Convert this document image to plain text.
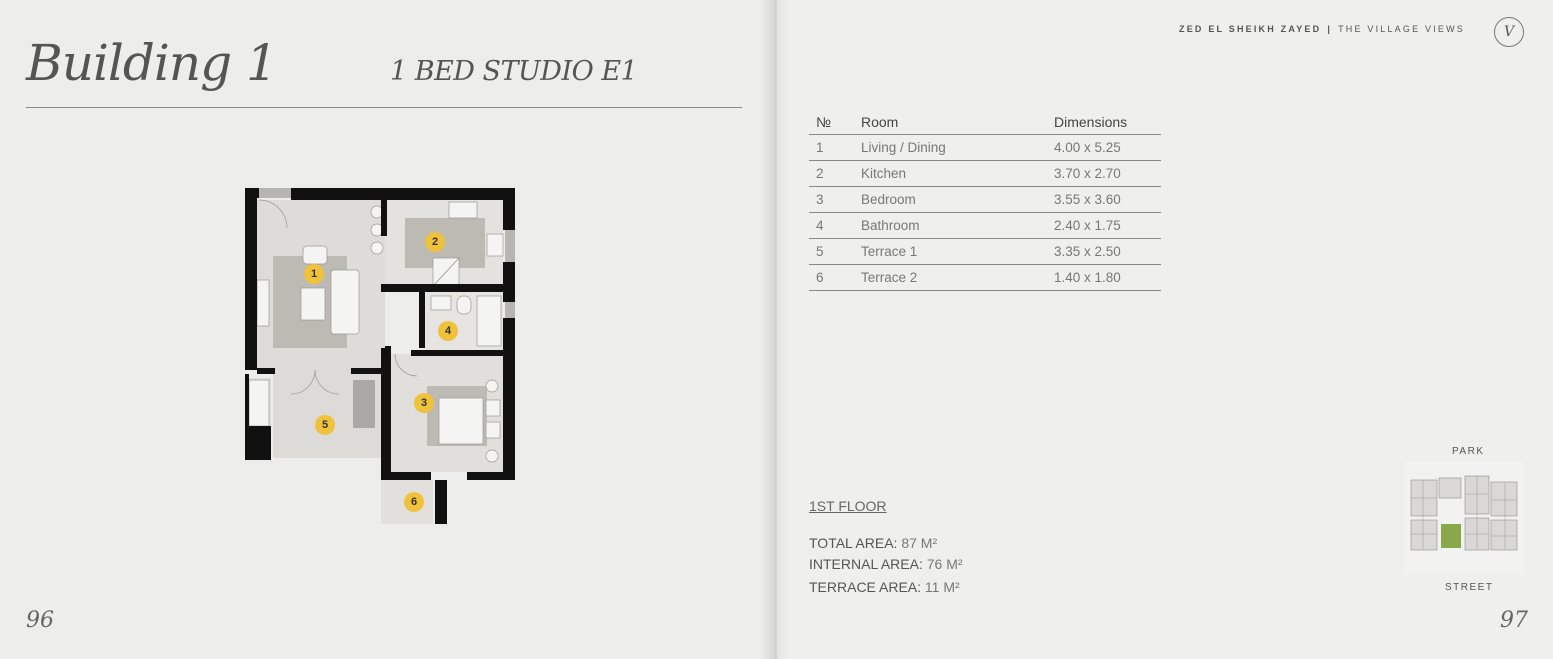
Building 1	1 BED STUDIO E1
1
2
3
4
5
6
96
ZED EL SHEIKH ZAYED | THE VILLAGE VIEWS	V
№	Room	Dimensions
1	Living / Dining	4.00 x 5.25
2	Kitchen	3.70 x 2.70
3	Bedroom	3.55 x 3.60
4	Bathroom	2.40 x 1.75
5	Terrace 1	3.35 x 2.50
6	Terrace 2	1.40 x 1.80
1ST FLOOR
TOTAL AREA: 87 M²
INTERNAL AREA: 76 M²
TERRACE AREA: 11 M²
PARK
STREET
97
